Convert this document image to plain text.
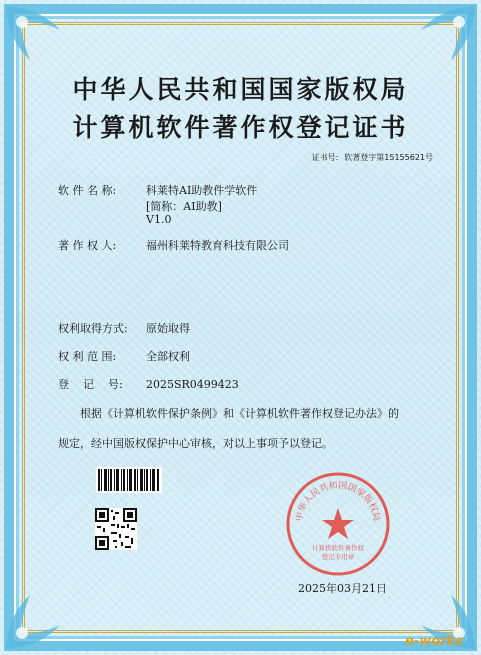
中华人民共和国国家版权局
计算机软件著作权登记证书
证书号: 软著登字第15155621号
软 件 名 称:	科莱特AI助教件学软件
[简称：AI助教]
V1.0
著 作 权 人:	福州科莱特教育科技有限公司
权利取得方式: 原始取得
权 利 范 围:	全部权利
登    记    号: 2025SR0499423
根据《计算机软件保护条例》和《计算机软件著作权登记办法》的
规定，经中国版权保护中心审核，对以上事项予以登记。
中华人民共和国国家版权局
计算机软件著作权
登记专用章
2025年03月21日
e-works
